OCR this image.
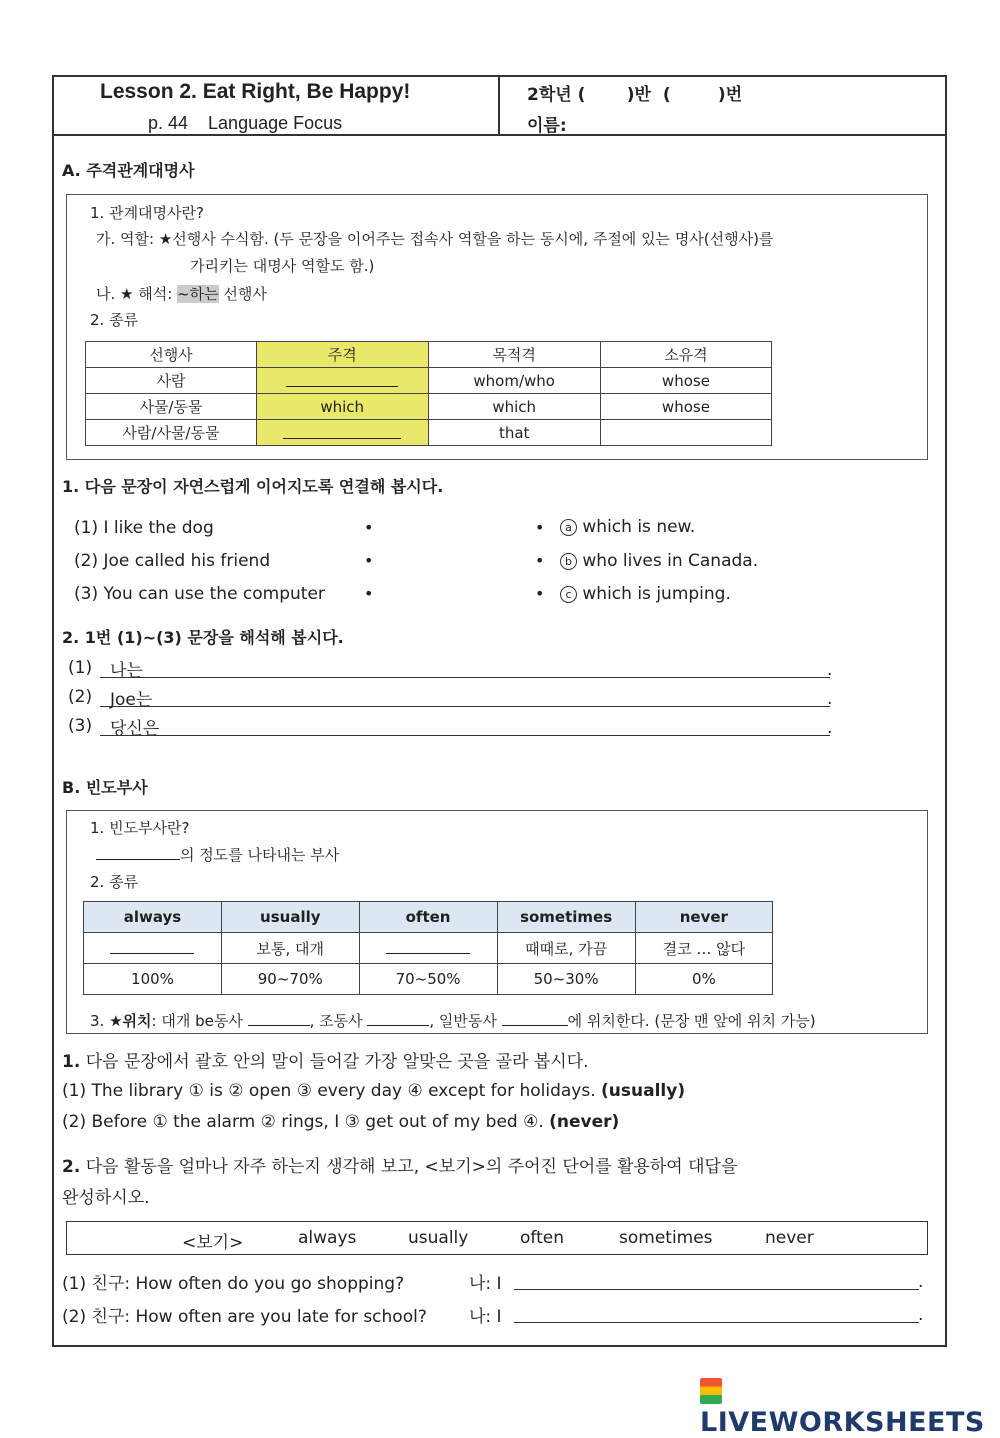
Lesson 2. Eat Right, Be Happy!
p. 44    Language Focus
2학년 (       )반  (        )번
이름:
A. 주격관계대명사
1. 관계대명사란?
가. 역할: ★선행사 수식함. (두 문장을 이어주는 접속사 역할을 하는 동시에, 주절에 있는 명사(선행사)를
가리키는 대명사 역할도 함.)
나. ★ 해석: ~하는 선행사
2. 종류
선행사	주격	목적격	소유격
사람		whom/who	whose
사물/동물	which	which	whose
사람/사물/동물		that	
1. 다음 문장이 자연스럽게 이어지도록 연결해 봅시다.
(1) I like the dog
(2) Joe called his friend
(3) You can use the computer
•
•
•
•
•
•
a which is new.
b who lives in Canada.
c which is jumping.
2. 1번 (1)~(3) 문장을 해석해 봅시다.
(1) 나는	.
(2) Joe는	.
(3) 당신은	.
B. 빈도부사
1. 빈도부사란?
의 정도를 나타내는 부사
2. 종류
always	usually	often	sometimes	never
	보통, 대개		때때로, 가끔	결코 … 않다
100%	90~70%	70~50%	50~30%	0%
3. ★위치: 대개 be동사	, 조동사	, 일반동사	에 위치한다. (문장 맨 앞에 위치 가능)
1. 다음 문장에서 괄호 안의 말이 들어갈 가장 알맞은 곳을 골라 봅시다.
(1) The library ① is ② open ③ every day ④ except for holidays. (usually)
(2) Before ① the alarm ② rings, I ③ get out of my bed ④. (never)
2. 다음 활동을 얼마나 자주 하는지 생각해 보고, <보기>의 주어진 단어를 활용하여 대답을
완성하시오.
<보기>	always	usually	often	sometimes	never
(1) 친구: How often do you go shopping?	나: I	.
(2) 친구: How often are you late for school? 나: I	.
LIVEWORKSHEETS
